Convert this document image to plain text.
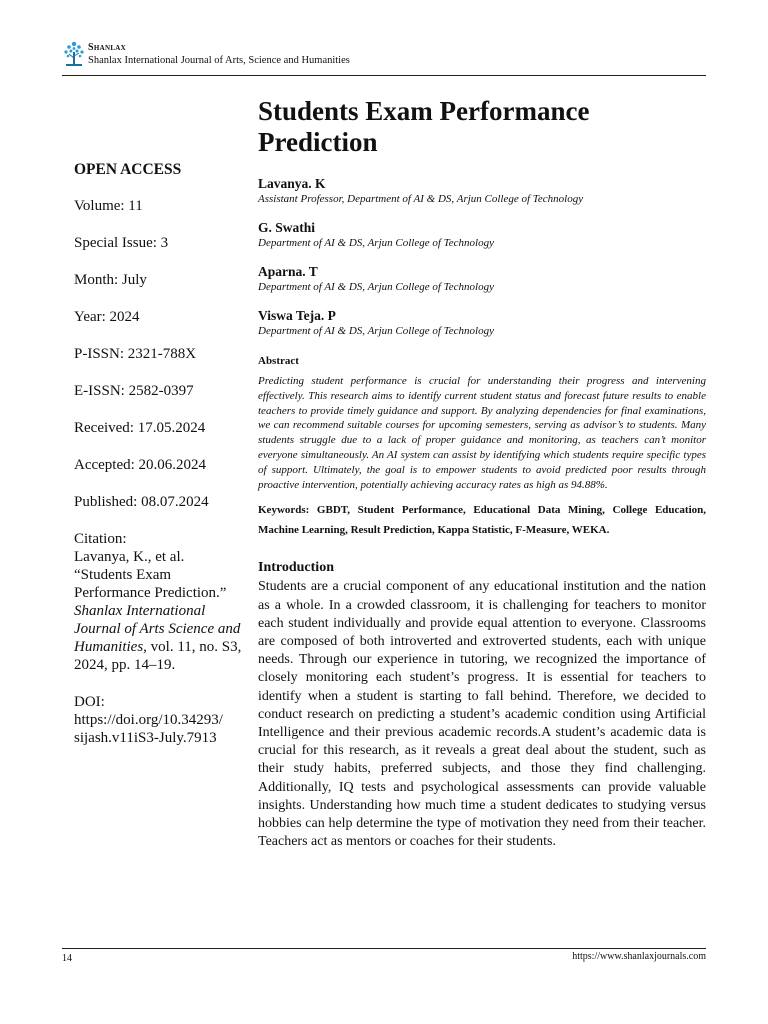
Shanlax
Shanlax International Journal of Arts, Science and Humanities
OPEN ACCESS
Volume: 11
Special Issue: 3
Month: July
Year: 2024
P-ISSN: 2321-788X
E-ISSN: 2582-0397
Received: 17.05.2024
Accepted: 20.06.2024
Published: 08.07.2024
Citation:
Lavanya, K., et al.
“Students Exam Performance Prediction.”
Shanlax International Journal of Arts Science and Humanities, vol. 11, no. S3, 2024, pp. 14–19.
DOI:
https://doi.org/10.34293/
sijash.v11iS3-July.7913
Students Exam Performance Prediction
Lavanya. K
Assistant Professor, Department of AI & DS, Arjun College of Technology
G. Swathi
Department of AI & DS, Arjun College of Technology
Aparna. T
Department of AI & DS, Arjun College of Technology
Viswa Teja. P
Department of AI & DS, Arjun College of Technology
Abstract
Predicting student performance is crucial for understanding their progress and intervening effectively. This research aims to identify current student status and forecast future results to enable teachers to provide timely guidance and support. By analyzing dependencies for final examinations, we can recommend suitable courses for upcoming semesters, serving as advisor’s to students. Many students struggle due to a lack of proper guidance and monitoring, as teachers can’t monitor everyone simultaneously. An AI system can assist by identifying which students require specific types of support. Ultimately, the goal is to empower students to avoid predicted poor results through proactive intervention, potentially achieving accuracy rates as high as 94.88%.
Keywords: GBDT, Student Performance, Educational Data Mining, College Education, Machine Learning, Result Prediction, Kappa Statistic, F-Measure, WEKA.
Introduction
Students are a crucial component of any educational institution and the nation as a whole. In a crowded classroom, it is challenging for teachers to monitor each student individually and provide equal attention to everyone. Classrooms are composed of both introverted and extroverted students, each with unique needs. Through our experience in tutoring, we recognized the importance of closely monitoring each student’s progress. It is essential for teachers to identify when a student is starting to fall behind. Therefore, we decided to conduct research on predicting a student’s academic condition using Artificial Intelligence and their previous academic records.A student’s academic data is crucial for this research, as it reveals a great deal about the student, such as their study habits, preferred subjects, and those they find challenging. Additionally, IQ tests and psychological assessments can provide valuable insights. Understanding how much time a student dedicates to studying versus hobbies can help determine the type of motivation they need from their teacher. Teachers act as mentors or coaches for their students.
14	https://www.shanlaxjournals.com
